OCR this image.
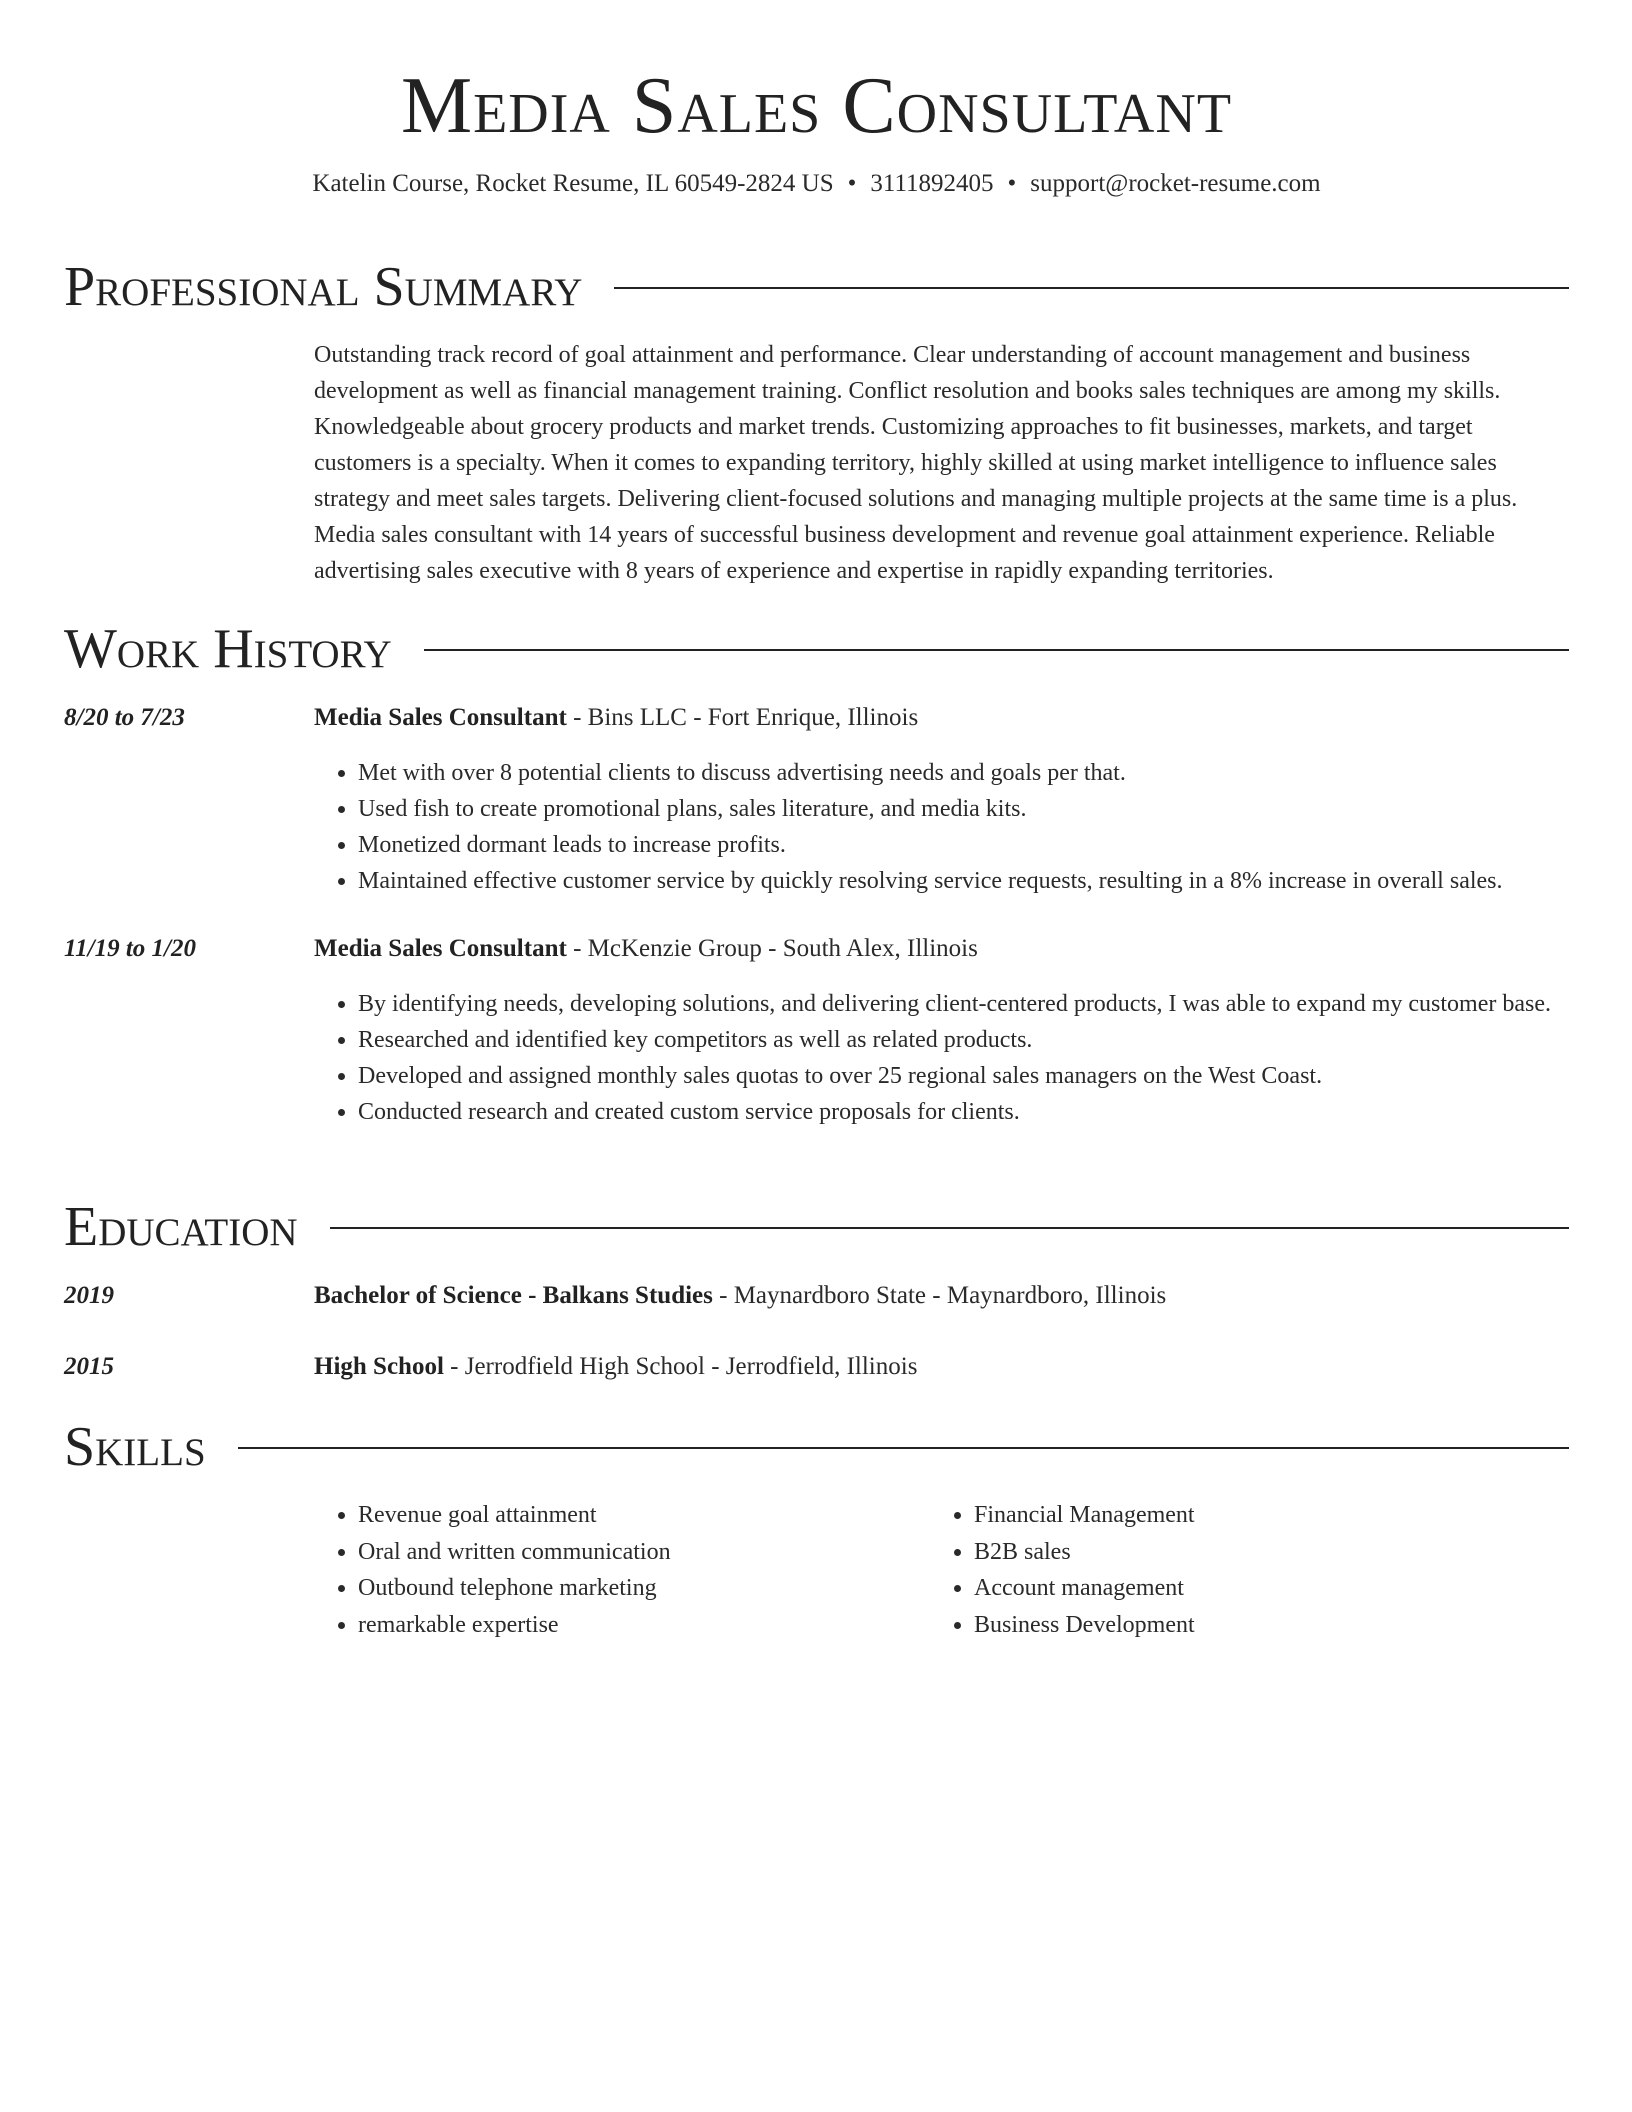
Media Sales Consultant
Katelin Course, Rocket Resume, IL 60549-2824 US • 3111892405 • support@rocket-resume.com
Professional Summary

Outstanding track record of goal attainment and performance. Clear understanding of account management and business development as well as financial management training. Conflict resolution and books sales techniques are among my skills. Knowledgeable about grocery products and market trends. Customizing approaches to fit businesses, markets, and target customers is a specialty. When it comes to expanding territory, highly skilled at using market intelligence to influence sales strategy and meet sales targets. Delivering client-focused solutions and managing multiple projects at the same time is a plus. Media sales consultant with 14 years of successful business development and revenue goal attainment experience. Reliable advertising sales executive with 8 years of experience and expertise in rapidly expanding territories.

Work History
8/20 to 7/23	Media Sales Consultant - Bins LLC - Fort Enrique, Illinois
• Met with over 8 potential clients to discuss advertising needs and goals per that.
• Used fish to create promotional plans, sales literature, and media kits.
• Monetized dormant leads to increase profits.
• Maintained effective customer service by quickly resolving service requests, resulting in a 8% increase in overall sales.
11/19 to 1/20	Media Sales Consultant - McKenzie Group - South Alex, Illinois
• By identifying needs, developing solutions, and delivering client-centered products, I was able to expand my customer base.
• Researched and identified key competitors as well as related products.
• Developed and assigned monthly sales quotas to over 25 regional sales managers on the West Coast.
• Conducted research and created custom service proposals for clients.
Education
2019	Bachelor of Science - Balkans Studies - Maynardboro State - Maynardboro, Illinois
2015	High School - Jerrodfield High School - Jerrodfield, Illinois
Skills
• Revenue goal attainment
• Oral and written communication
• Outbound telephone marketing
• remarkable expertise
• Financial Management
• B2B sales
• Account management
• Business Development
